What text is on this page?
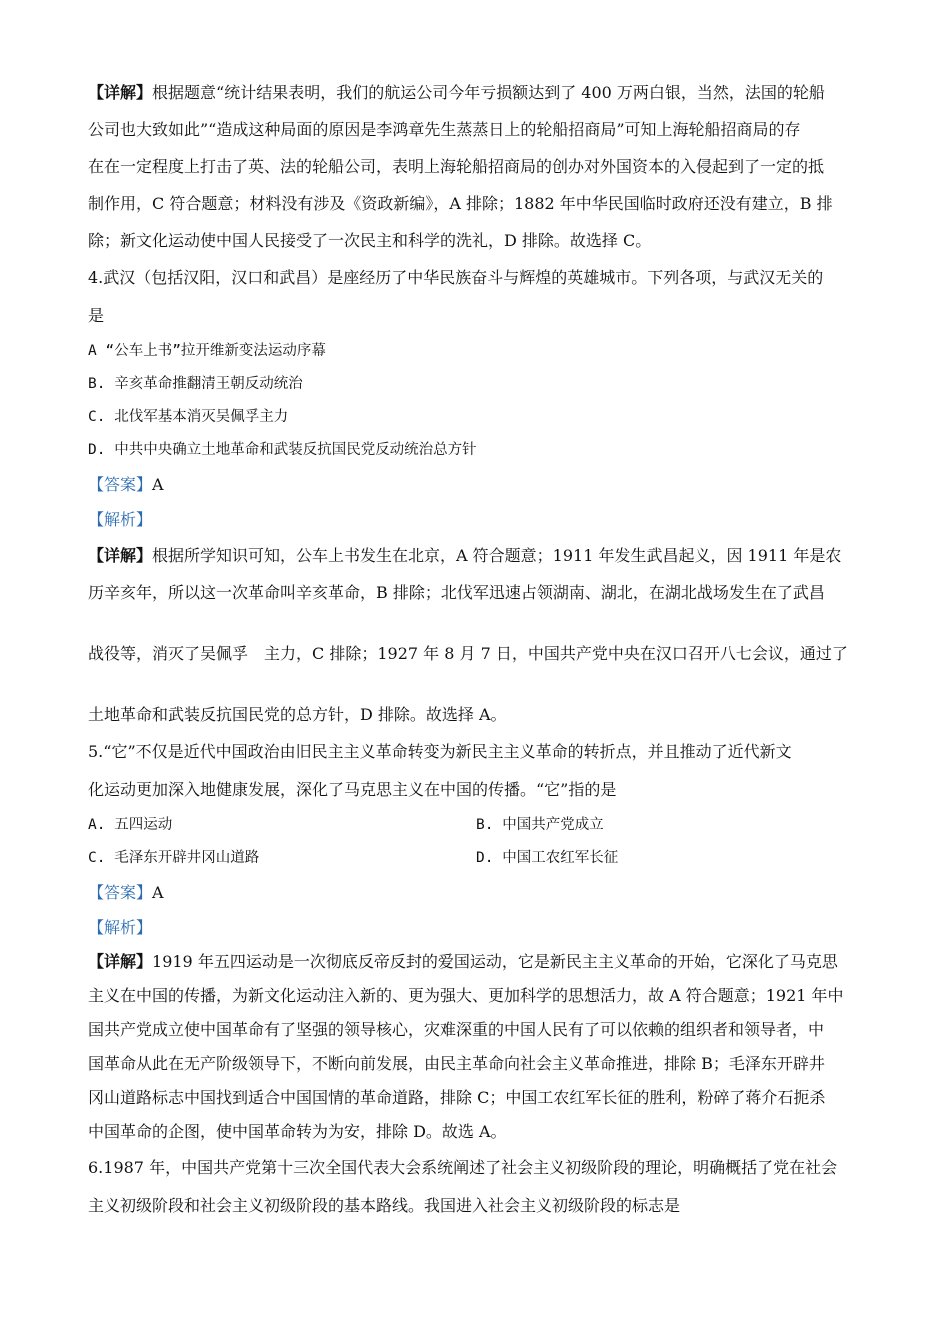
【详解】根据题意“统计结果表明，我们的航运公司今年亏损额达到了 400 万两白银，当然，法国的轮船

公司也大致如此”“造成这种局面的原因是李鸿章先生蒸蒸日上的轮船招商局”可知上海轮船招商局的存

在在一定程度上打击了英、法的轮船公司，表明上海轮船招商局的创办对外国资本的入侵起到了一定的抵

制作用，C 符合题意；材料没有涉及《资政新编》，A 排除；1882 年中华民国临时政府还没有建立，B 排

除；新文化运动使中国人民接受了一次民主和科学的洗礼，D 排除。故选择 C。

4.武汉（包括汉阳，汉口和武昌）是座经历了中华民族奋斗与辉煌的英雄城市。下列各项，与武汉无关的

是

A “公车上书”拉开维新变法运动序幕

B. 辛亥革命推翻清王朝反动统治

C. 北伐军基本消灭吴佩孚主力

D. 中共中央确立土地革命和武装反抗国民党反动统治总方针

【答案】A

【解析】

【详解】根据所学知识可知，公车上书发生在北京，A 符合题意；1911 年发生武昌起义，因 1911 年是农

历辛亥年，所以这一次革命叫辛亥革命，B 排除；北伐军迅速占领湖南、湖北，在湖北战场发生在了武昌

战役等，消灭了吴佩孚　主力，C 排除；1927 年 8 月 7 日，中国共产党中央在汉口召开八七会议，通过了

土地革命和武装反抗国民党的总方针，D 排除。故选择 A。

5.“它”不仅是近代中国政治由旧民主主义革命转变为新民主主义革命的转折点，并且推动了近代新文

化运动更加深入地健康发展，深化了马克思主义在中国的传播。“它”指的是

A. 五四运动	B. 中国共产党成立

C. 毛泽东开辟井冈山道路	D. 中国工农红军长征

【答案】A

【解析】

【详解】1919 年五四运动是一次彻底反帝反封的爱国运动，它是新民主主义革命的开始，它深化了马克思

主义在中国的传播，为新文化运动注入新的、更为强大、更加科学的思想活力，故 A 符合题意；1921 年中

国共产党成立使中国革命有了坚强的领导核心，灾难深重的中国人民有了可以依赖的组织者和领导者，中

国革命从此在无产阶级领导下，不断向前发展，由民主革命向社会主义革命推进，排除 B；毛泽东开辟井

冈山道路标志中国找到适合中国国情的革命道路，排除 C；中国工农红军长征的胜利，粉碎了蒋介石扼杀

中国革命的企图，使中国革命转为为安，排除 D。故选 A。

6.1987 年，中国共产党第十三次全国代表大会系统阐述了社会主义初级阶段的理论，明确概括了党在社会

主义初级阶段和社会主义初级阶段的基本路线。我国进入社会主义初级阶段的标志是
